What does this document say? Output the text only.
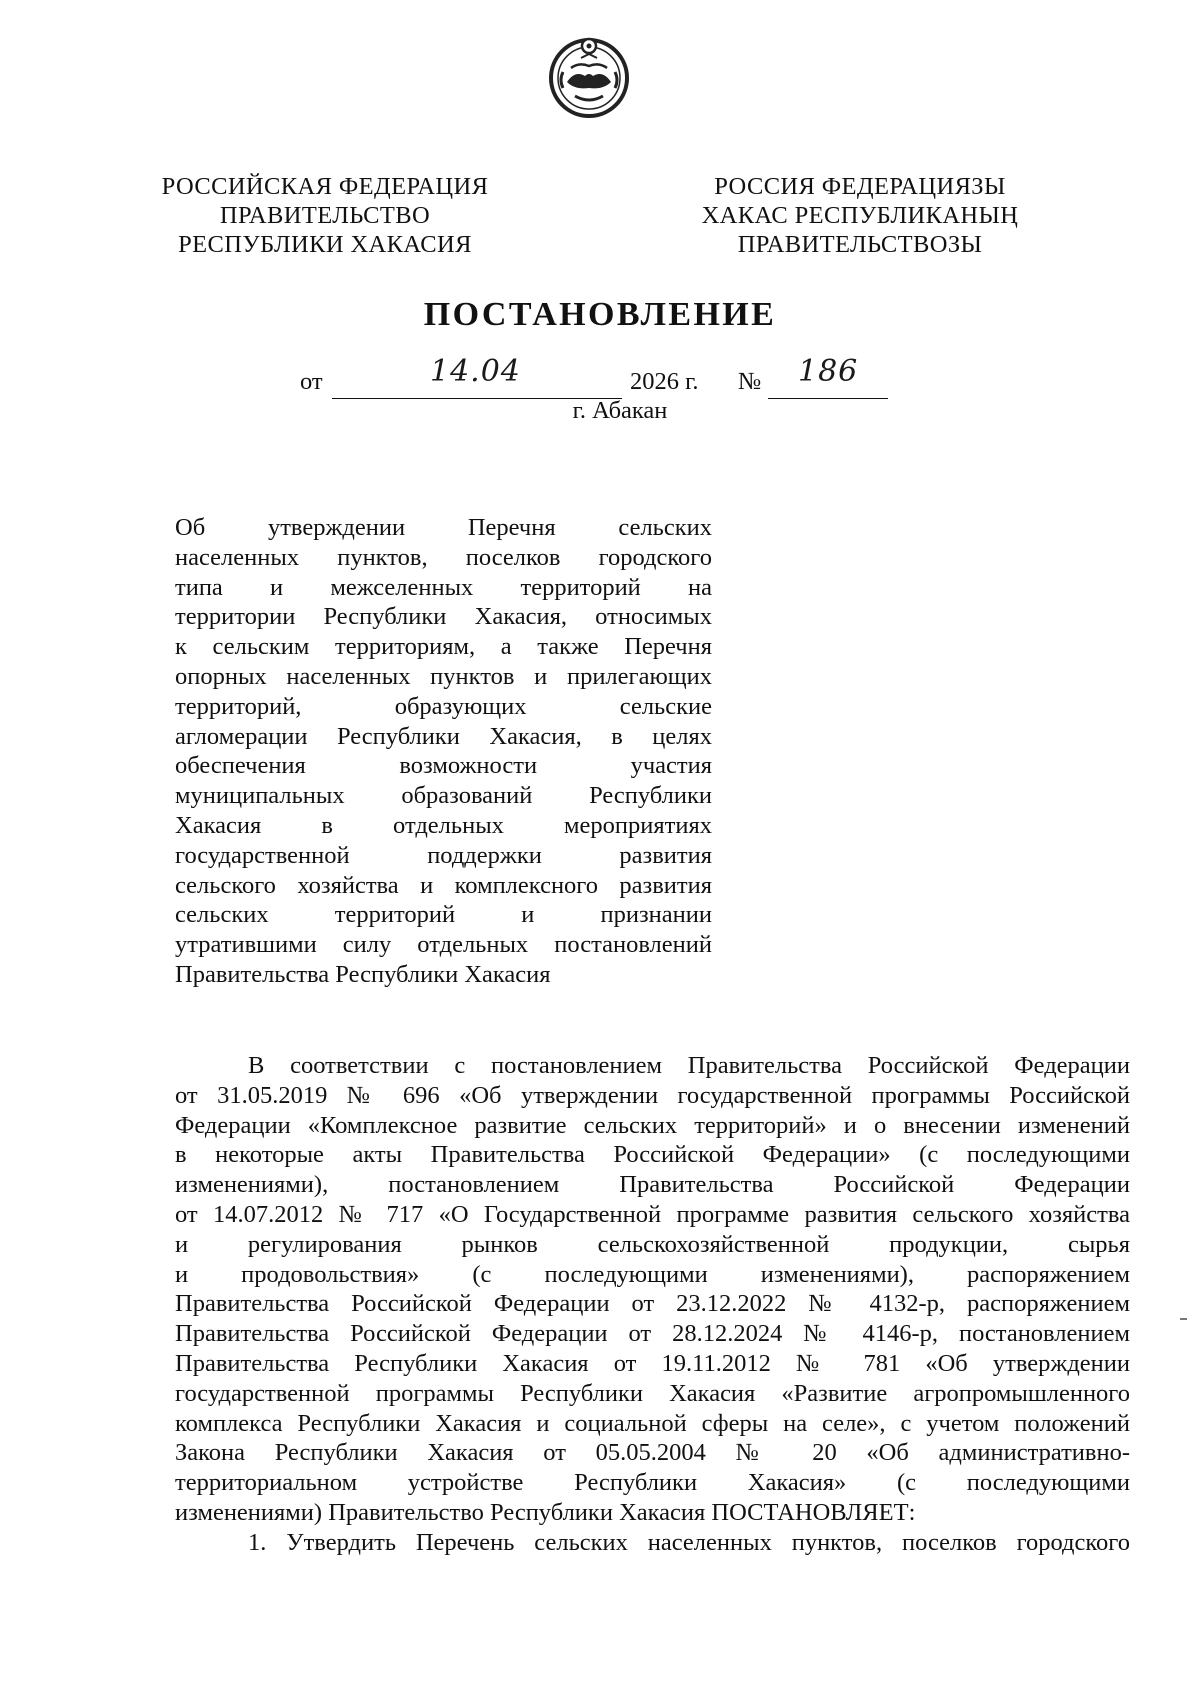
РОССИЙСКАЯ ФЕДЕРАЦИЯ
ПРАВИТЕЛЬСТВО
РЕСПУБЛИКИ ХАКАСИЯ
РОССИЯ ФЕДЕРАЦИЯЗЫ
ХАКАС РЕСПУБЛИКАНЫҢ
ПРАВИТЕЛЬСТВОЗЫ
ПОСТАНОВЛЕНИЕ
от	14.04	2026 г. № 186
г. Абакан
Об утверждении Перечня сельских
населенных пунктов, поселков городского
типа и межселенных территорий на
территории Республики Хакасия, относимых
к сельским территориям, а также Перечня
опорных населенных пунктов и прилегающих
территорий, образующих сельские
агломерации Республики Хакасия, в целях
обеспечения возможности участия
муниципальных образований Республики
Хакасия в отдельных мероприятиях
государственной поддержки развития
сельского хозяйства и комплексного развития
сельских территорий и признании
утратившими силу отдельных постановлений
Правительства Республики Хакасия
В соответствии с постановлением Правительства Российской Федерации
от 31.05.2019 № 696 «Об утверждении государственной программы Российской
Федерации «Комплексное развитие сельских территорий» и о внесении изменений
в некоторые акты Правительства Российской Федерации» (с последующими
изменениями), постановлением Правительства Российской Федерации
от 14.07.2012 № 717 «О Государственной программе развития сельского хозяйства
и регулирования рынков сельскохозяйственной продукции, сырья
и продовольствия» (с последующими изменениями), распоряжением
Правительства Российской Федерации от 23.12.2022 № 4132-р, распоряжением
Правительства Российской Федерации от 28.12.2024 № 4146-р, постановлением
Правительства Республики Хакасия от 19.11.2012 № 781 «Об утверждении
государственной программы Республики Хакасия «Развитие агропромышленного
комплекса Республики Хакасия и социальной сферы на селе», с учетом положений
Закона Республики Хакасия от 05.05.2004 № 20 «Об административно-
территориальном устройстве Республики Хакасия» (с последующими
изменениями) Правительство Республики Хакасия ПОСТАНОВЛЯЕТ:
1. Утвердить Перечень сельских населенных пунктов, поселков городского
